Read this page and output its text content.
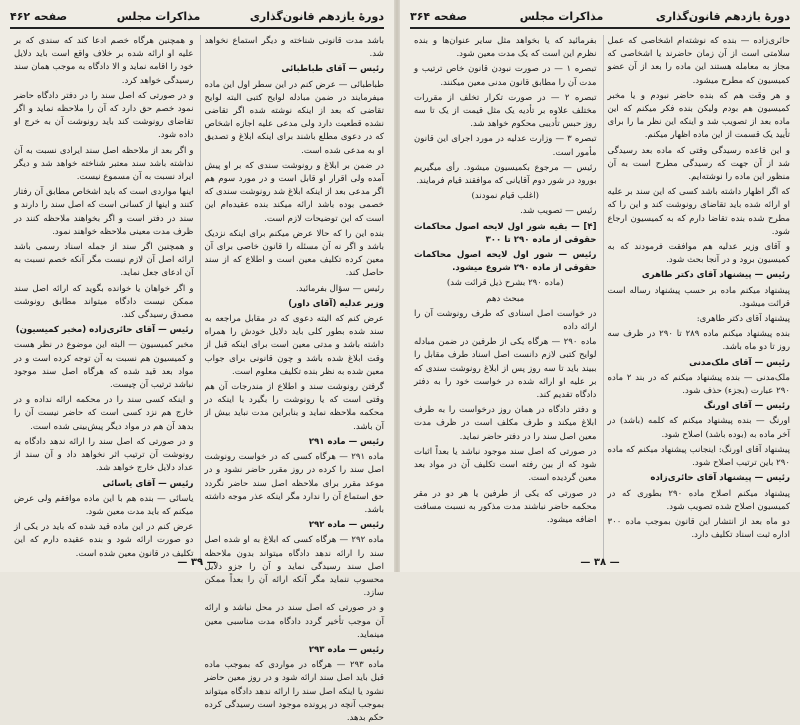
دورهٔ یازدهم قانون‌گذاری
مذاکرات مجلس
صفحه ۴۶۲

باشد مدت قانونی شناخته و دیگر استماع نخواهد شد.

رئیس — آقای طباطبائی

طباطبائی — عرض کنم در این سطر اول این ماده میفرمایند در ضمن مبادله لوایح کتبی البته لوایح تقاضی که بعد از اینکه نوشته شده اگر تقاضی نشده قطعیت دارد ولی مدعی علیه اجازه اشخاص که در دعوی مطلع باشند برای اینکه ابلاغ و تصدیق او به مدعی شده است.

در ضمن بر ابلاغ و رونوشت سندی که بر او پیش آمده ولی اقرار او قابل است و در مورد سوم هم اگر مدعی بعد از اینکه ابلاغ شد رونوشت سندی که خصمی بوده باشد ارائه میکند بنده عقیده‌ام این است که این توضیحات لازم است.

بنده این را که حالا عرض میکنم برای اینکه نزدیک باشد و اگر نه آن مسئله را قانون خاصی برای آن معین کرده تکلیف معین است و اطلاع که از سند حاصل کند.

رئیس — سؤال بفرمائید.

وزیر عدلیه (آقای داور)

عرض کنم که البته دعوی که در مقابل مراجعه به سند شده بطور کلی باید دلایل خودش را همراه داشته باشد و مدتی معین است برای اینکه قبل از وقت ابلاغ شده باشد و چون قانونی برای جواب معین شده به نظر بنده تکلیف معلوم است.

گرفتن رونوشت سند و اطلاع از مندرجات آن هم وقتی است که یا رونوشت را بگیرد یا اینکه در محکمه ملاحظه نماید و بنابراین مدت نباید بیش از آن باشد.

رئیس — ماده ۲۹۱

ماده ۲۹۱ — هرگاه کسی که در خواست رونوشت اصل سند را کرده در روز مقرر حاضر نشود و در موعد مقرر برای ملاحظه اصل سند حاضر نگردد حق استماع آن را ندارد مگر اینکه عذر موجه داشته باشد.

رئیس — ماده ۲۹۲

ماده ۲۹۲ — هرگاه کسی که ابلاغ به او شده اصل سند را ارائه ندهد دادگاه میتواند بدون ملاحظه اصل سند رسیدگی نماید و آن را جزو دلایل محسوب ننماید مگر آنکه ارائه آن را بعداً ممکن سازد.

و در صورتی که اصل سند در محل نباشد و ارائه آن موجب تأخیر گردد دادگاه مدت مناسبی معین مینماید.

رئیس — ماده ۲۹۳

ماده ۲۹۳ — هرگاه در مواردی که بموجب ماده قبل باید اصل سند ارائه شود و در روز معین حاضر نشود یا اینکه اصل سند را ارائه ندهد دادگاه میتواند بموجب آنچه در پرونده موجود است رسیدگی کرده حکم بدهد.

و همچنین هرگاه خصم ادعا کند که سندی که بر علیه او ارائه شده بر خلاف واقع است باید دلایل خود را اقامه نماید و الا دادگاه به موجب همان سند رسیدگی خواهد کرد.

و در صورتی که اصل سند را در دفتر دادگاه حاضر نمود خصم حق دارد که آن را ملاحظه نماید و اگر تقاضای رونوشت کند باید رونوشت آن به خرج او داده شود.

و اگر بعد از ملاحظه اصل سند ایرادی نسبت به آن نداشته باشد سند معتبر شناخته خواهد شد و دیگر ایراد نسبت به آن مسموع نیست.

اینها مواردی است که باید اشخاص مطابق آن رفتار کنند و اینها از کسانی است که اصل سند را دارند و سند در دفتر است و اگر بخواهند ملاحظه کنند در ظرف مدت معینی ملاحظه خواهند نمود.

و همچنین اگر سند از جمله اسناد رسمی باشد ارائه اصل آن لازم نیست مگر آنکه خصم نسبت به آن ادعای جعل نماید.

و اگر خواهان یا خوانده بگوید که ارائه اصل سند ممکن نیست دادگاه میتواند مطابق رونوشت مصدق رسیدگی کند.

رئیس — آقای حائری‌زاده (مخبر کمیسیون)

مخبر کمیسیون — البته این موضوع در نظر هست و کمیسیون هم نسبت به آن توجه کرده است و در مواد بعد قید شده که هرگاه اصل سند موجود نباشد ترتیب آن چیست.

و اینکه کسی سند را در محکمه ارائه نداده و در خارج هم نزد کسی است که حاضر نیست آن را بدهد آن هم در مواد دیگر پیش‌بینی شده است.

و در صورتی که اصل سند را ارائه ندهد دادگاه به رونوشت آن ترتیب اثر نخواهد داد و آن سند از عداد دلایل خارج خواهد شد.

رئیس — آقای یاسائی

یاسائی — بنده هم با این ماده موافقم ولی عرض میکنم که باید مدت معین شود.

عرض کنم در این ماده قید شده که باید در یکی از دو صورت ارائه شود و بنده عقیده دارم که این تکلیف در قانون معین شده است.

— ۳۹ —
دورهٔ یازدهم قانون‌گذاری
مذاکرات مجلس
صفحه ۳۶۴

حائری‌زاده — بنده که نوشته‌ام اشخاصی که عمل سلامتی است از آن زمان حاضرند یا اشخاصی که مجاز به معامله هستند این ماده را بعد از آن عضو کمیسیون که مطرح میشود.

و هر وقت هم که بنده حاضر نبودم و یا مخبر کمیسیون هم بودم ولیکن بنده فکر میکنم که این ماده بعد از تصویب شد و اینکه این نظر ما را برای تأیید یک قسمت از این ماده اظهار میکنم.

و این قاعده رسیدگی وقتی که ماده بعد رسیدگی شد از آن جهت که رسیدگی مطرح است به آن منظور این ماده را نوشته‌ایم.

که اگر اظهار داشته باشد کسی که این سند بر علیه او ارائه شده باید تقاضای رونوشت کند و این را که مطرح شده بنده تقاضا دارم که به کمیسیون ارجاع شود.

و آقای وزیر عدلیه هم موافقت فرمودند که به کمیسیون برود و در آنجا بحث شود.

رئیس — پیشنهاد آقای دکتر طاهری

پیشنهاد میکنم ماده بر حسب پیشنهاد رساله است قرائت میشود.

پیشنهاد آقای دکتر طاهری:

بنده پیشنهاد میکنم ماده ۲۸۹ تا ۲۹۰ در ظرف سه روز تا دو ماه باشد.

رئیس — آقای ملک‌مدنی

ملک‌مدنی — بنده پیشنهاد میکنم که در بند ۲ ماده ۲۹۰ عبارت (بجزء) حذف شود.

رئیس — آقای اورنگ

اورنگ — بنده پیشنهاد میکنم که کلمه (باشد) در آخر ماده به (بوده باشد) اصلاح شود.

پیشنهاد آقای اورنگ: اینجانب پیشنهاد میکنم که ماده ۲۹۰ باین ترتیب اصلاح شود.

رئیس — پیشنهاد آقای حائری‌زاده

پیشنهاد میکنم اصلاح ماده ۲۹۰ بطوری که در کمیسیون اصلاح شده تصویب شود.

دو ماه بعد از انتشار این قانون بموجب ماده ۳۰۰ اداره ثبت اسناد تکلیف دارد.

بفرمائید که یا بخواهد مثل سایر عنوان‌ها و بنده نظرم این است که یک مدت معین شود.

تبصره ۱ — در صورت نبودن قانون خاص ترتیب و مدت آن را مطابق قانون مدنی معین میکنند.

تبصره ۲ — در صورت تکرار تخلف از مقررات مختلف علاوه بر تأدیه یک مثل قیمت از یک تا سه روز حبس تأدیبی محکوم خواهد شد.

تبصره ۳ — وزارت عدلیه در مورد اجرای این قانون مأمور است.

رئیس — مرجوع بکمیسیون میشود. رأی میگیریم بورود در شور دوم آقایانی که موافقند قیام فرمایند.

(اغلب قیام نمودند)

رئیس — تصویب شد.

[۴] — بقیه شور اول لایحه اصول محاکمات حقوقی از ماده ۲۹۰ تا ۳۰۰

رئیس — شور اول لایحه اصول محاکمات حقوقی از ماده ۲۹۰ شروع میشود.

(ماده ۲۹۰ بشرح ذیل قرائت شد)

مبحث دهم

در خواست اصل اسنادی که طرف رونوشت آن را ارائه داده

ماده ۲۹۰ — هرگاه یکی از طرفین در ضمن مبادله لوایح کتبی لازم دانست اصل اسناد طرف مقابل را ببیند باید تا سه روز پس از ابلاغ رونوشت سندی که بر علیه او ارائه شده در خواست خود را به دفتر دادگاه تقدیم کند.

و دفتر دادگاه در همان روز درخواست را به طرف ابلاغ میکند و طرف مکلف است در ظرف مدت معین اصل سند را در دفتر حاضر نماید.

در صورتی که اصل سند موجود نباشد یا بعداً اثبات شود که از بین رفته است تکلیف آن در مواد بعد معین گردیده است.

در صورتی که یکی از طرفین یا هر دو در مقر محکمه حاضر نباشند مدت مذکور به نسبت مسافت اضافه میشود.

— ۳۸ —
